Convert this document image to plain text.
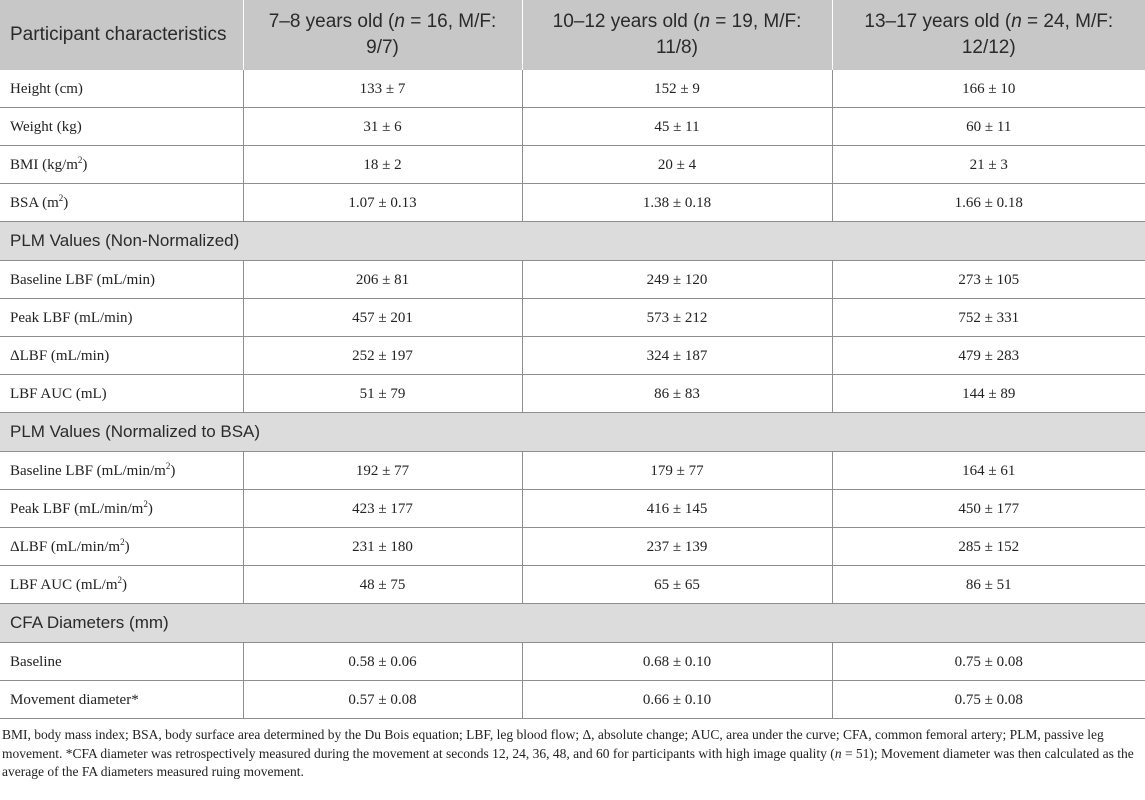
Participant characteristics	7–8 years old (n = 16, M/F: 9/7)	10–12 years old (n = 19, M/F: 11/8)	13–17 years old (n = 24, M/F: 12/12)
Height (cm)	133 ± 7	152 ± 9	166 ± 10
Weight (kg)	31 ± 6	45 ± 11	60 ± 11
BMI $(kg/m^2)$	18 ± 2	20 ± 4	21 ± 3
BSA $(m^2)$	1.07 ± 0.13	1.38 ± 0.18	1.66 ± 0.18
PLM Values (Non-Normalized)			
Baseline LBF (mL/min)	206 ± 81	249 ± 120	273 ± 105
Peak LBF (mL/min)	457 ± 201	573 ± 212	752 ± 331
ΔLBF (mL/min)	252 ± 197	324 ± 187	479 ± 283
LBF AUC (mL)	51 ± 79	86 ± 83	144 ± 89
PLM Values (Normalized to BSA)			
Baseline LBF $(mL/\min/m^2)$	192 ± 77	179 ± 77	164 ± 61
Peak LBF $(mL/\min/m^2)$	423 ± 177	416 ± 145	450 ± 177
ΔLBF $(mL/\min/m^2)$	231 ± 180	237 ± 139	285 ± 152
LBF AUC $(mL/m^2)$	48 ± 75	65 ± 65	86 ± 51
CFA Diameters (mm)			
Baseline	0.58 ± 0.06	0.68 ± 0.10	0.75 ± 0.08
Movement diameter*	0.57 ± 0.08	0.66 ± 0.10	0.75 ± 0.08
BMI, body mass index; BSA, body surface area determined by the Du Bois equation; LBF, leg blood flow; Δ, absolute change; AUC, area under the curve; CFA, common femoral artery; PLM, passive leg movement. *CFA diameter was retrospectively measured during the movement at seconds 12, 24, 36, 48, and 60 for participants with high image quality (n = 51); Movement diameter was then calculated as the average of the FA diameters measured ruing movement.
